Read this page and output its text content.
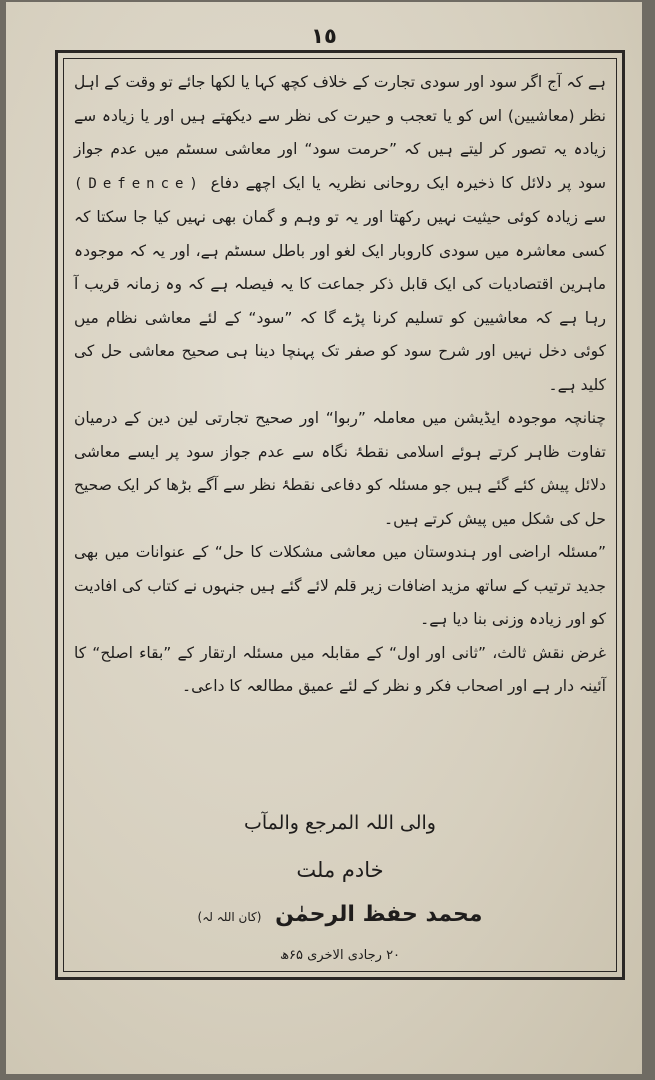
١٥

ہے کہ آج اگر سود اور سودی تجارت کے خلاف کچھ کہا یا لکھا جائے تو وقت کے اہل نظر (معاشیین) اس کو یا تعجب و حیرت کی نظر سے دیکھتے ہیں اور یا زیادہ سے زیادہ یہ تصور کر لیتے ہیں کہ ”حرمت سود“ اور معاشی سسٹم میں عدم جواز سود پر دلائل کا ذخیرہ ایک روحانی نظریہ یا ایک اچھے دفاع (Defence) سے زیادہ کوئی حیثیت نہیں رکھتا اور یہ تو وہم و گمان بھی نہیں کیا جا سکتا کہ کسی معاشرہ میں سودی کاروبار ایک لغو اور باطل سسٹم ہے، اور یہ کہ موجودہ ماہرین اقتصادیات کی ایک قابل ذکر جماعت کا یہ فیصلہ ہے کہ وہ زمانہ قریب آ رہا ہے کہ معاشیین کو تسلیم کرنا پڑے گا کہ ”سود“ کے لئے معاشی نظام میں کوئی دخل نہیں اور شرح سود کو صفر تک پہنچا دینا ہی صحیح معاشی حل کی کلید ہے۔

چنانچہ موجودہ ایڈیشن میں معاملہ ”ربوا“ اور صحیح تجارتی لین دین کے درمیان تفاوت ظاہر کرتے ہوئے اسلامی نقطۂ نگاہ سے عدم جواز سود پر ایسے معاشی دلائل پیش کئے گئے ہیں جو مسئلہ کو دفاعی نقطۂ نظر سے آگے بڑھا کر ایک صحیح حل کی شکل میں پیش کرتے ہیں۔

”مسئلہ اراضی اور ہندوستان میں معاشی مشکلات کا حل“ کے عنوانات میں بھی جدید ترتیب کے ساتھ مزید اضافات زیر قلم لائے گئے ہیں جنہوں نے کتاب کی افادیت کو اور زیادہ وزنی بنا دیا ہے۔

غرض نقش ثالث، ”ثانی اور اول“ کے مقابلہ میں مسئلہ ارتقار کے ”بقاء اصلح“ کا آئینہ دار ہے اور اصحاب فکر و نظر کے لئے عمیق مطالعہ کا داعی۔

والی اللہ المرجع والمآب
خادم ملت
محمد حفظ الرحمٰن (کان اللہ لہ)
۲۰ رجادی الاخری ۶۵ھ
